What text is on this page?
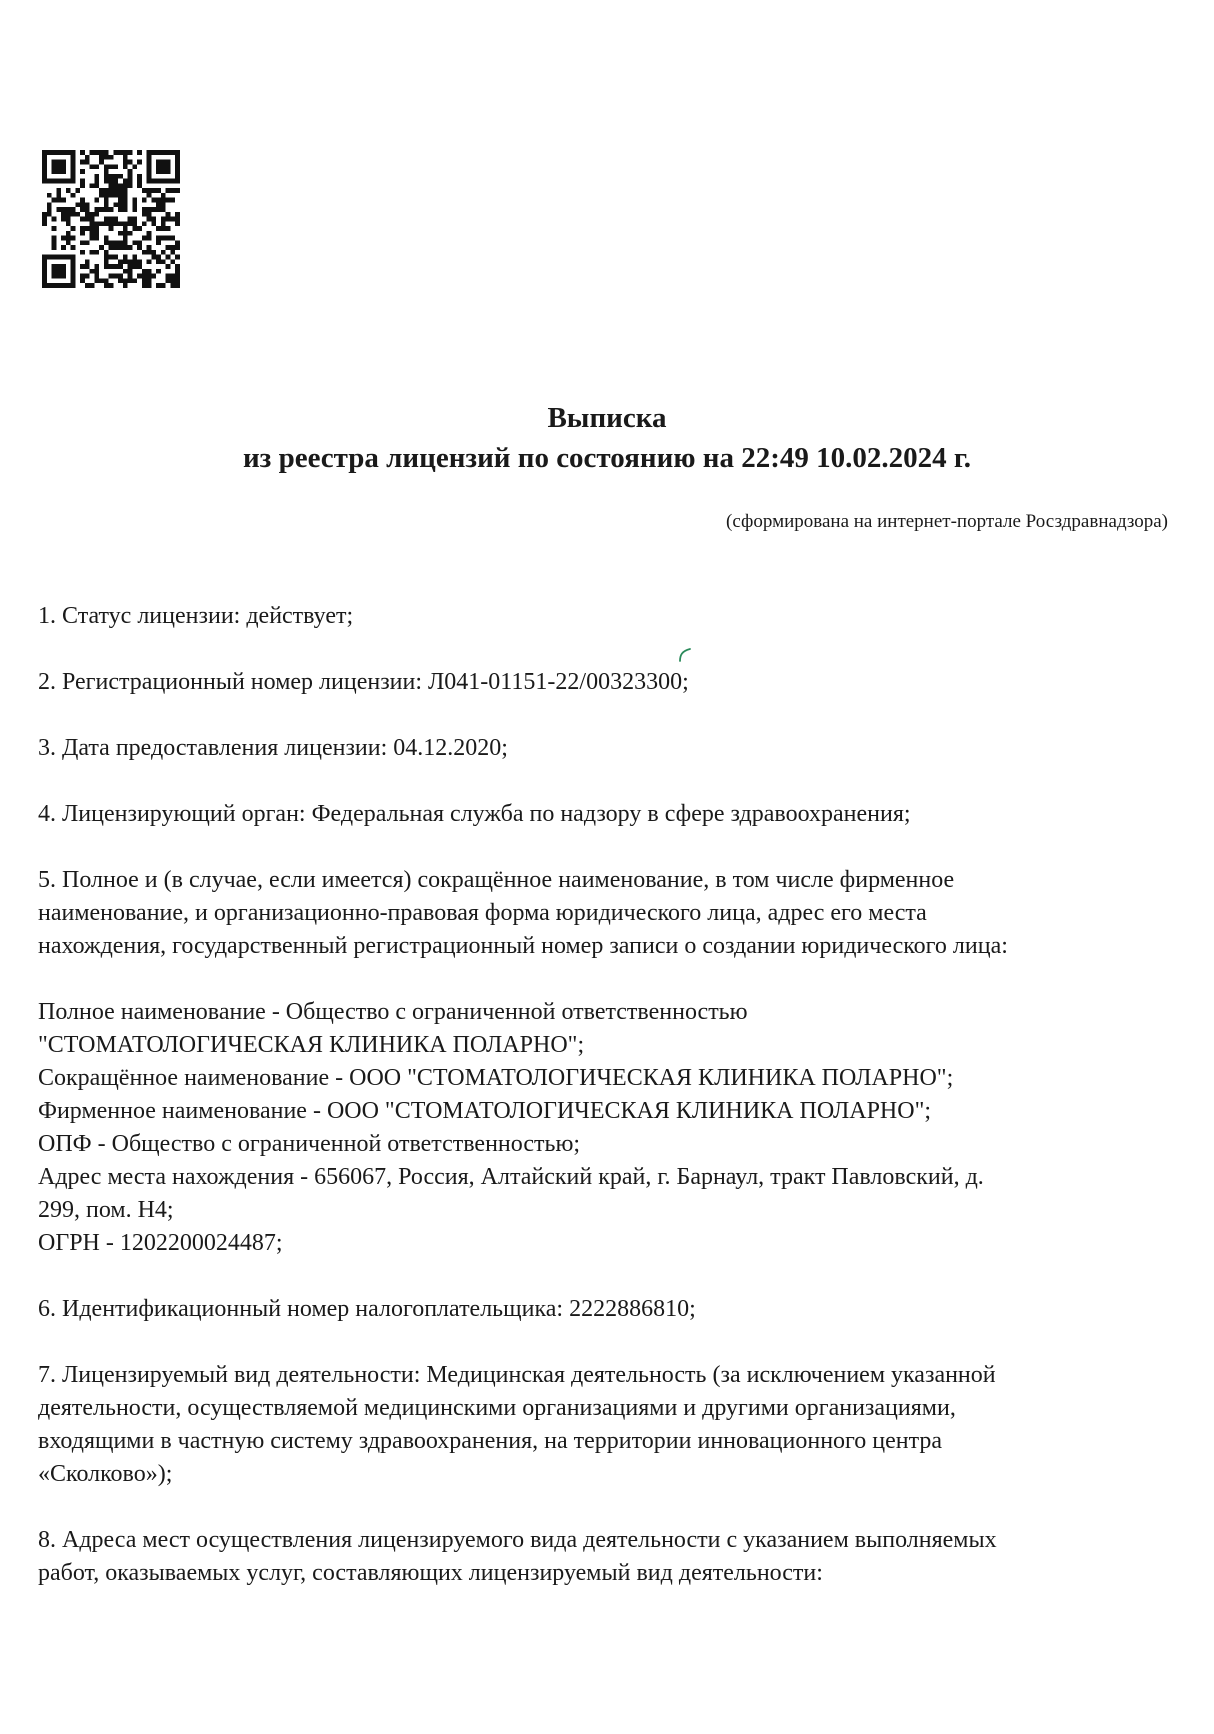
Выписка
из реестра лицензий по состоянию на 22:49 10.02.2024 г.
(сформирована на интернет-портале Росздравнадзора)
1. Статус лицензии: действует;
2. Регистрационный номер лицензии: Л041-01151-22/00323300;
3. Дата предоставления лицензии: 04.12.2020;
4. Лицензирующий орган: Федеральная служба по надзору в сфере здравоохранения;
5. Полное и (в случае, если имеется) сокращённое наименование, в том числе фирменное
наименование, и организационно-правовая форма юридического лица, адрес его места
нахождения, государственный регистрационный номер записи о создании юридического лица:
Полное наименование - Общество с ограниченной ответственностью
"СТОМАТОЛОГИЧЕСКАЯ КЛИНИКА ПОЛАРНО";
Сокращённое наименование - ООО "СТОМАТОЛОГИЧЕСКАЯ КЛИНИКА ПОЛАРНО";
Фирменное наименование - ООО "СТОМАТОЛОГИЧЕСКАЯ КЛИНИКА ПОЛАРНО";
ОПФ - Общество с ограниченной ответственностью;
Адрес места нахождения - 656067, Россия, Алтайский край, г. Барнаул, тракт Павловский, д.
299, пом. Н4;
ОГРН - 1202200024487;
6. Идентификационный номер налогоплательщика: 2222886810;
7. Лицензируемый вид деятельности: Медицинская деятельность (за исключением указанной
деятельности, осуществляемой медицинскими организациями и другими организациями,
входящими в частную систему здравоохранения, на территории инновационного центра
«Сколково»);
8. Адреса мест осуществления лицензируемого вида деятельности с указанием выполняемых
работ, оказываемых услуг, составляющих лицензируемый вид деятельности:
